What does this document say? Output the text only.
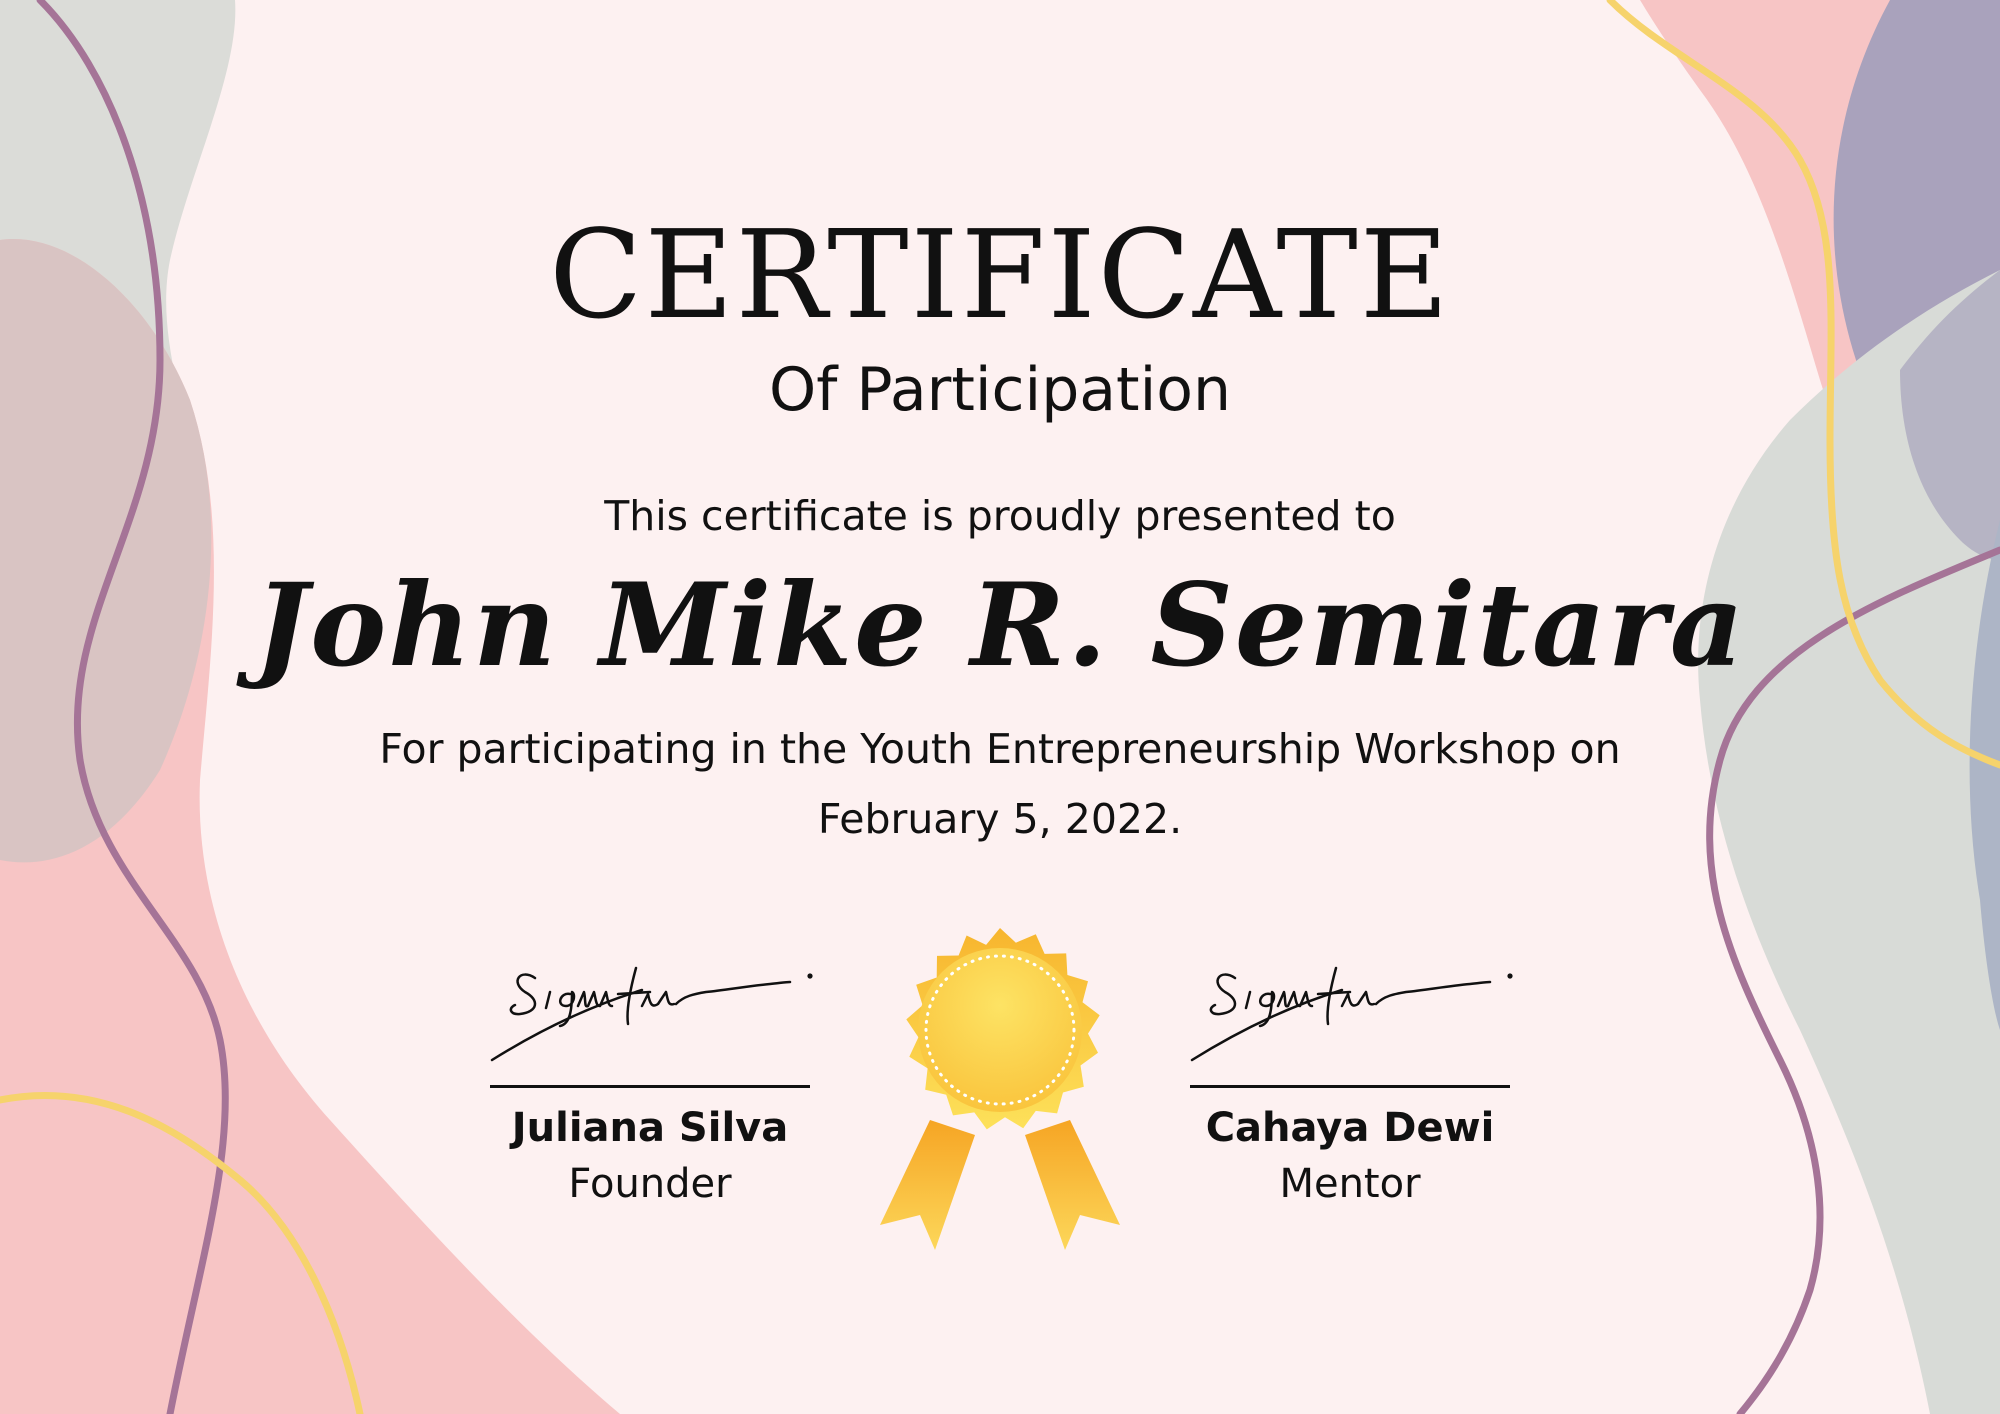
CERTIFICATE
Of Participation
This certificate is proudly presented to
John Mike R. Semitara
For participating in the Youth Entrepreneurship Workshop on February 5, 2022.
Juliana Silva
Founder
Cahaya Dewi
Mentor
